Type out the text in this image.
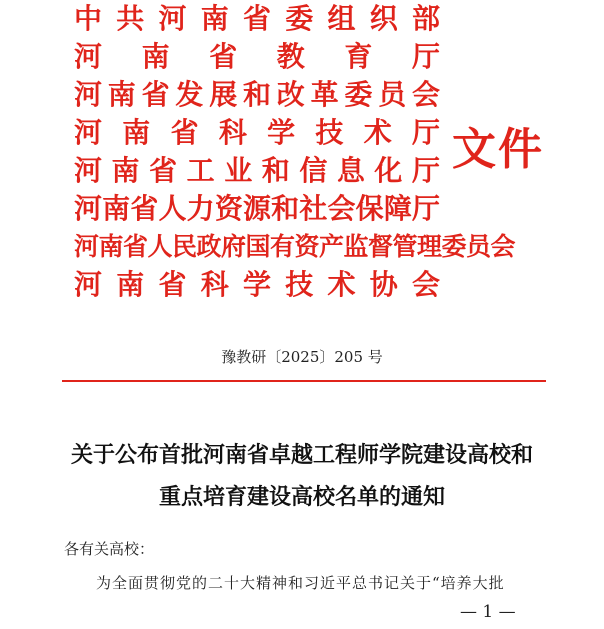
中共河南省委组织部
河南省教育厅
河南省发展和改革委员会
河南省科学技术厅
河南省工业和信息化厅
河南省人力资源和社会保障厅
河南省人民政府国有资产监督管理委员会
河南省科学技术协会
文件
豫教研〔2025〕205 号
关于公布首批河南省卓越工程师学院建设高校和
重点培育建设高校名单的通知
各有关高校：
为全面贯彻党的二十大精神和习近平总书记关于“培养大批
— 1 —
